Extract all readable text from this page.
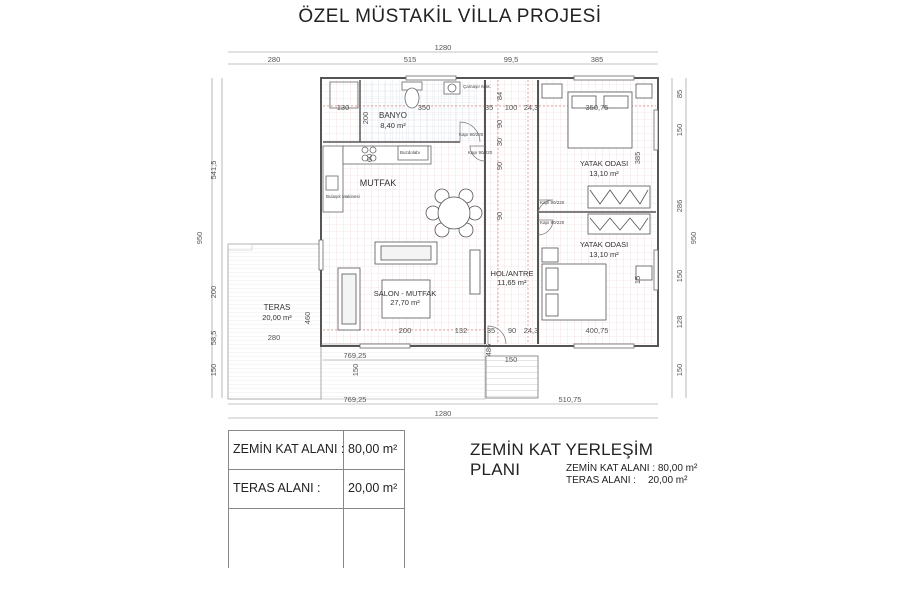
ÖZEL MÜSTAKİL VİLLA PROJESİ
1280
280	515	99,5	385
1280
769,25	510,75
769,25
950
541,5
200
58,5
150
950
85
150
286
150
128
150
130	350	35 100 24,3	350,75
84
90
90
30
90
200
60
460
200	132	35 90 24,3	400,75
486
385
280
150
15
150
BANYO
8,40 m²
MUTFAK
SALON - MUTFAK
27,70 m²
HOL/ANTRE
11,65 m²
YATAK ODASI
13,10 m²
YATAK ODASI
13,10 m²
TERAS
20,00 m²
Çamaşır Mak.
Bulaşık Makinesi
Buzdolabı
Kapı 90/220
Kapı 90/220
Kapı 90/220
Kapı 90/220
ZEMİN KAT ALANI : 80,00 m²
TERAS ALANI : 20,00 m²
ZEMİN KAT YERLEŞİM PLANI	ZEMİN KAT ALANI : 80,00 m²
TERAS ALANI : 20,00 m²
